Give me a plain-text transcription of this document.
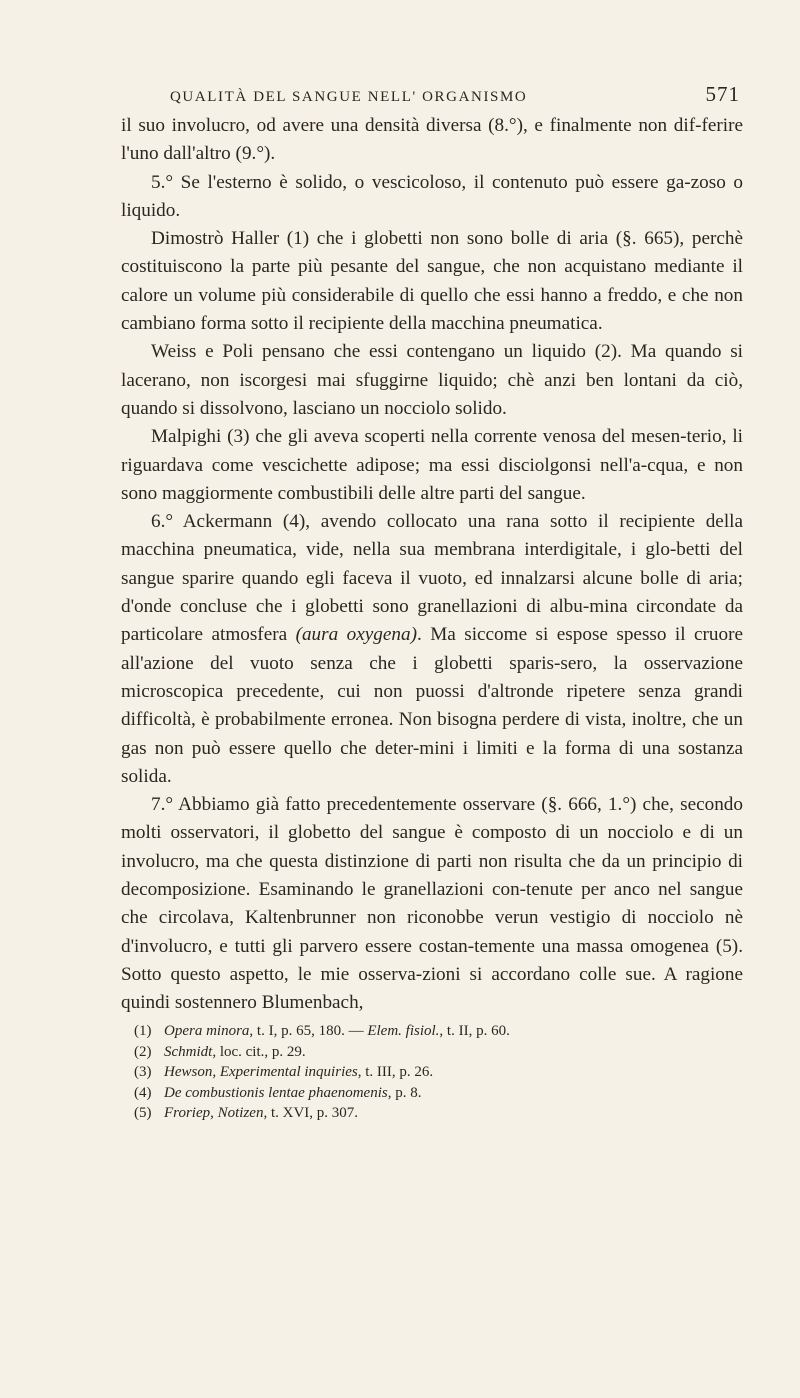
QUALITÀ DEL SANGUE NELL' ORGANISMO	571

il suo involucro, od avere una densità diversa (8.°), e finalmente non dif-ferire l'uno dall'altro (9.°).

5.° Se l'esterno è solido, o vescicoloso, il contenuto può essere ga-zoso o liquido.

Dimostrò Haller (1) che i globetti non sono bolle di aria (§. 665), perchè costituiscono la parte più pesante del sangue, che non acquistano mediante il calore un volume più considerabile di quello che essi hanno a freddo, e che non cambiano forma sotto il recipiente della macchina pneumatica.

Weiss e Poli pensano che essi contengano un liquido (2). Ma quando si lacerano, non iscorgesi mai sfuggirne liquido; chè anzi ben lontani da ciò, quando si dissolvono, lasciano un nocciolo solido.

Malpighi (3) che gli aveva scoperti nella corrente venosa del mesen-terio, li riguardava come vescichette adipose; ma essi disciolgonsi nell'a-cqua, e non sono maggiormente combustibili delle altre parti del sangue.

6.° Ackermann (4), avendo collocato una rana sotto il recipiente della macchina pneumatica, vide, nella sua membrana interdigitale, i glo-betti del sangue sparire quando egli faceva il vuoto, ed innalzarsi alcune bolle di aria; d'onde concluse che i globetti sono granellazioni di albu-mina circondate da particolare atmosfera (aura oxygena). Ma siccome si espose spesso il cruore all'azione del vuoto senza che i globetti sparis-sero, la osservazione microscopica precedente, cui non puossi d'altronde ripetere senza grandi difficoltà, è probabilmente erronea. Non bisogna perdere di vista, inoltre, che un gas non può essere quello che deter-mini i limiti e la forma di una sostanza solida.

7.° Abbiamo già fatto precedentemente osservare (§. 666, 1.°) che, secondo molti osservatori, il globetto del sangue è composto di un nocciolo e di un involucro, ma che questa distinzione di parti non risulta che da un principio di decomposizione. Esaminando le granellazioni con-tenute per anco nel sangue che circolava, Kaltenbrunner non riconobbe verun vestigio di nocciolo nè d'involucro, e tutti gli parvero essere costan-temente una massa omogenea (5). Sotto questo aspetto, le mie osserva-zioni si accordano colle sue. A ragione quindi sostennero Blumenbach,

(1) Opera minora, t. I, p. 65, 180. — Elem. fisiol., t. II, p. 60.
(2) Schmidt, loc. cit., p. 29.
(3) Hewson, Experimental inquiries, t. III, p. 26.
(4) De combustionis lentae phaenomenis, p. 8.
(5) Froriep, Notizen, t. XVI, p. 307.
